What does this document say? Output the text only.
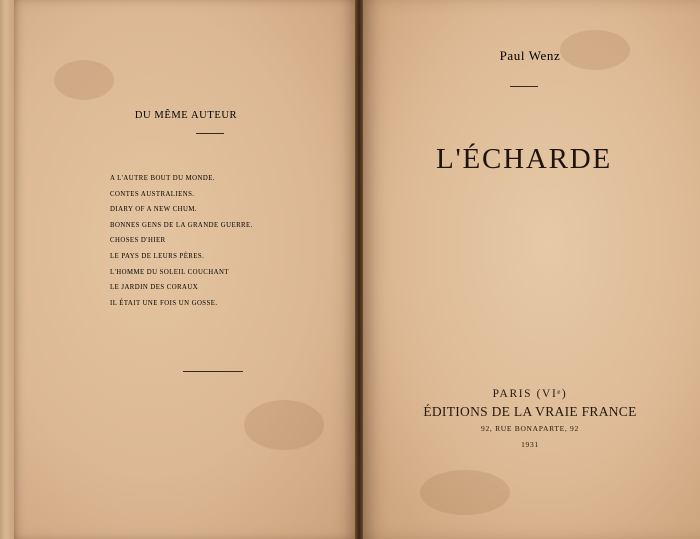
DU MÊME AUTEUR
A L'AUTRE BOUT DU MONDE.
CONTES AUSTRALIENS.
DIARY OF A NEW CHUM.
BONNES GENS DE LA GRANDE GUERRE.
CHOSES D'HIER
LE PAYS DE LEURS PÈRES.
L'HOMME DU SOLEIL COUCHANT
LE JARDIN DES CORAUX
IL ÉTAIT UNE FOIS UN GOSSE.
Paul Wenz
L'ÉCHARDE
PARIS (VIᵉ)
ÉDITIONS DE LA VRAIE FRANCE
92, RUE BONAPARTE, 92
1931
